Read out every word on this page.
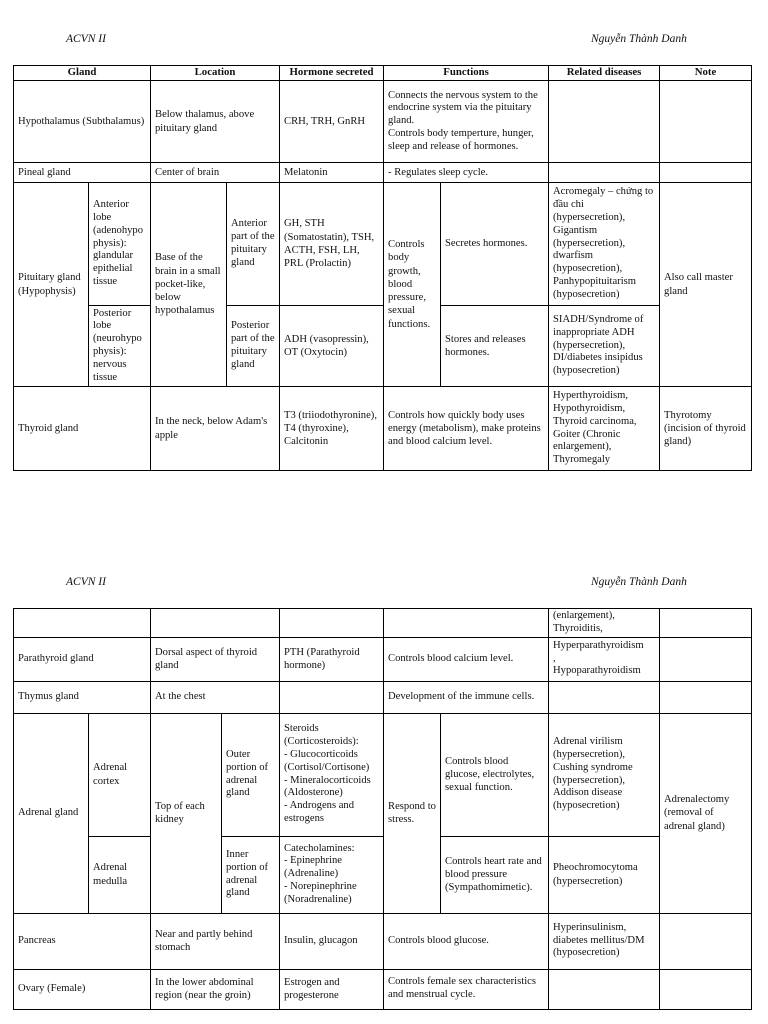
ACVN II	Nguyễn Thành Danh
Gland		Location		Hormone secreted	Functions		Related diseases	Note
Hypothalamus (Subthalamus)		Below thalamus, above pituitary gland		CRH, TRH, GnRH	Connects the nervous system to the endocrine system via the pituitary gland.
Controls body temperture, hunger, sleep and release of hormones.			

Pineal gland		Center of brain		Melatonin	- Regulates sleep cycle.			
Pituitary gland (Hypophysis)	Anterior lobe (adenohypophysis): glandular epithelial tissue	Base of the brain in a small pocket-like, below hypothalamus	Anterior part of the pituitary gland	GH, STH (Somatostatin), TSH, ACTH, FSH, LH, PRL (Prolactin)	Controls body growth, blood pressure, sexual functions.	Secretes hormones.	Acromegaly – chứng to đầu chi (hypersecretion), Gigantism (hypersecretion), dwarfism (hyposecretion), Panhypopituitarism (hyposecretion)	Also call master gland
	Posterior lobe (neurohypophysis): nervous tissue		Posterior part of the pituitary gland	ADH (vasopressin), OT (Oxytocin)		Stores and releases hormones.	SIADH/Syndrome of inappropriate ADH (hypersecretion), DI/diabetes insipidus (hyposecretion)	
Thyroid gland		In the neck, below Adam's apple		T3 (triiodothyronine), T4 (thyroxine), Calcitonin	Controls how quickly body uses energy (metabolism), make proteins and blood calcium level.		Hyperthyroidism, Hypothyroidism, Thyroid carcinoma, Goiter (Chronic enlargement), Thyromegaly	Thyrotomy (incision of thyroid gland)
ACVN II	Nguyễn Thành Danh
							(enlargement), Thyroiditis,	
Parathyroid gland		Dorsal aspect of thyroid gland		PTH (Parathyroid hormone)	Controls blood calcium level.		Hyperparathyroidism
,
Hypoparathyroidism	

Thymus gland		At the chest			Development of the immune cells.			
Adrenal gland	Adrenal cortex	Top of each kidney	Outer portion of adrenal gland	Steroids (Corticosteroids):
- Glucocorticoids (Cortisol/Cortisone)
- Mineralocorticoids (Aldosterone)
- Androgens and estrogens	Respond to stress.	Controls blood glucose, electrolytes, sexual function.	Adrenal virilism (hypersecretion), Cushing syndrome (hypersecretion), Addison disease (hyposecretion)	Adrenalectomy (removal of adrenal gland)
	Adrenal medulla		Inner portion of adrenal gland	Catecholamines:
- Epinephrine (Adrenaline)
- Norepinephrine (Noradrenaline)		Controls heart rate and blood pressure (Sympathomimetic).	Pheochromocytoma (hypersecretion)	
Pancreas		Near and partly behind stomach		Insulin, glucagon	Controls blood glucose.		Hyperinsulinism, diabetes mellitus/DM (hyposecretion)	
Ovary (Female)		In the lower abdominal region (near the groin)		Estrogen and progesterone	Controls female sex characteristics and menstrual cycle.			
